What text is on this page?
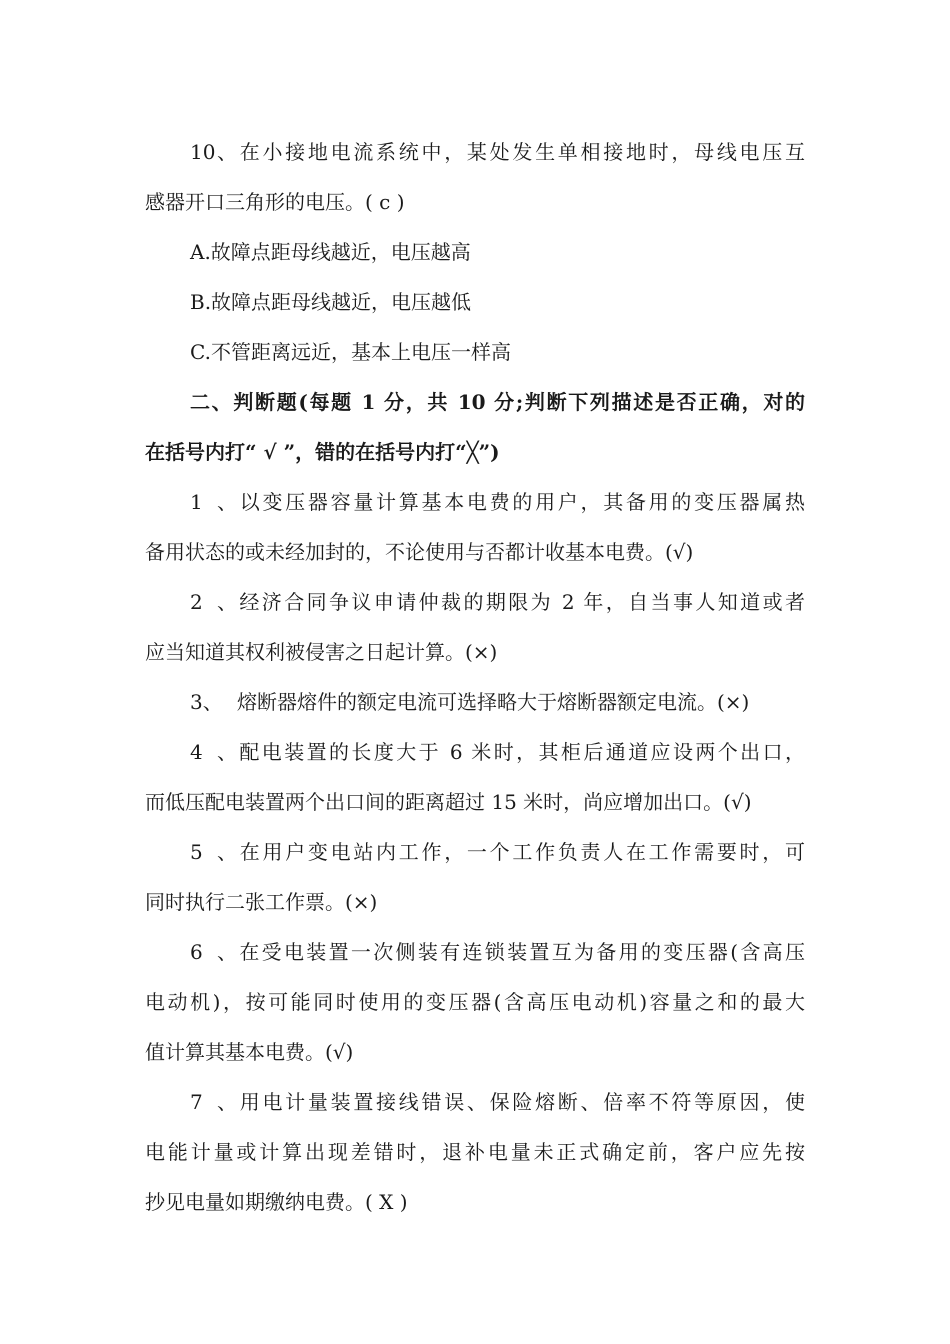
10、在小接地电流系统中，某处发生单相接地时，母线电压互
感器开口三角形的电压。( c )
A.故障点距母线越近，电压越高
B.故障点距母线越近，电压越低
C.不管距离远近，基本上电压一样高
二、判断题(每题 1 分，共 10 分;判断下列描述是否正确，对的
在括号内打“ √ ”，错的在括号内打“╳”)
1、以变压器容量计算基本电费的用户，其备用的变压器属热
备用状态的或未经加封的，不论使用与否都计收基本电费。(√)
2、经济合同争议申请仲裁的期限为 2 年，自当事人知道或者
应当知道其权利被侵害之日起计算。(×)
3、 熔断器熔件的额定电流可选择略大于熔断器额定电流。(×)
4、配电装置的长度大于 6 米时，其柜后通道应设两个出口，
而低压配电装置两个出口间的距离超过 15 米时，尚应增加出口。(√)
5、在用户变电站内工作，一个工作负责人在工作需要时，可
同时执行二张工作票。(×)
6、在受电装置一次侧装有连锁装置互为备用的变压器(含高压
电动机)，按可能同时使用的变压器(含高压电动机)容量之和的最大
值计算其基本电费。(√)
7、用电计量装置接线错误、保险熔断、倍率不符等原因，使
电能计量或计算出现差错时，退补电量未正式确定前，客户应先按
抄见电量如期缴纳电费。( X )
